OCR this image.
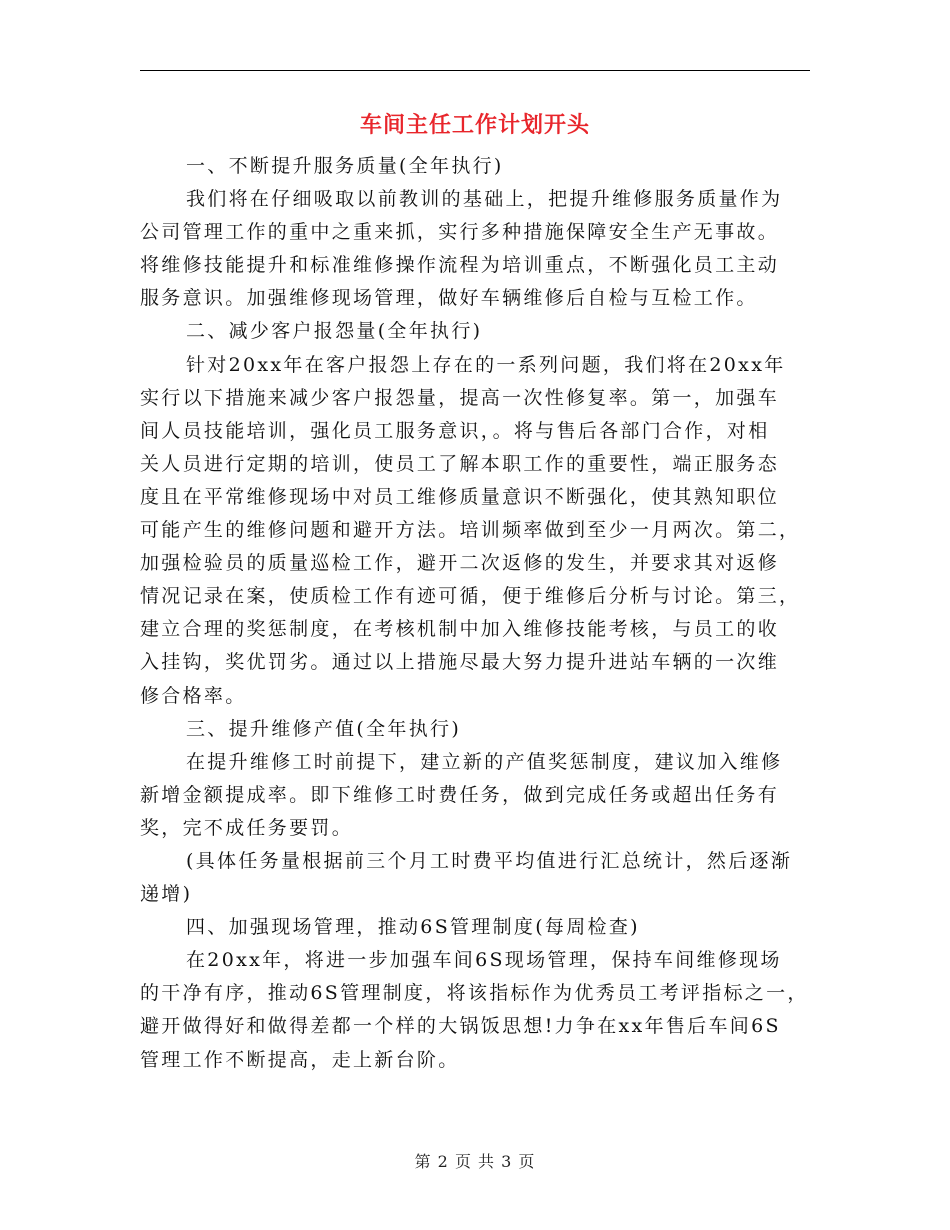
车间主任工作计划开头
一、不断提升服务质量(全年执行)
我们将在仔细吸取以前教训的基础上，把提升维修服务质量作为
公司管理工作的重中之重来抓，实行多种措施保障安全生产无事故。
将维修技能提升和标准维修操作流程为培训重点，不断强化员工主动
服务意识。加强维修现场管理，做好车辆维修后自检与互检工作。
二、减少客户报怨量(全年执行)
针对20xx年在客户报怨上存在的一系列问题，我们将在20xx年
实行以下措施来减少客户报怨量，提高一次性修复率。第一，加强车
间人员技能培训，强化员工服务意识，。将与售后各部门合作，对相
关人员进行定期的培训，使员工了解本职工作的重要性，端正服务态
度且在平常维修现场中对员工维修质量意识不断强化，使其熟知职位
可能产生的维修问题和避开方法。培训频率做到至少一月两次。第二，
加强检验员的质量巡检工作，避开二次返修的发生，并要求其对返修
情况记录在案，使质检工作有迹可循，便于维修后分析与讨论。第三，
建立合理的奖惩制度，在考核机制中加入维修技能考核，与员工的收
入挂钩，奖优罚劣。通过以上措施尽最大努力提升进站车辆的一次维
修合格率。
三、提升维修产值(全年执行)
在提升维修工时前提下，建立新的产值奖惩制度，建议加入维修
新增金额提成率。即下维修工时费任务，做到完成任务或超出任务有
奖，完不成任务要罚。
(具体任务量根据前三个月工时费平均值进行汇总统计，然后逐渐
递增)
四、加强现场管理，推动6S管理制度(每周检查)
在20xx年，将进一步加强车间6S现场管理，保持车间维修现场
的干净有序，推动6S管理制度，将该指标作为优秀员工考评指标之一，
避开做得好和做得差都一个样的大锅饭思想!力争在xx年售后车间6S
管理工作不断提高，走上新台阶。
第 2 页 共 3 页
